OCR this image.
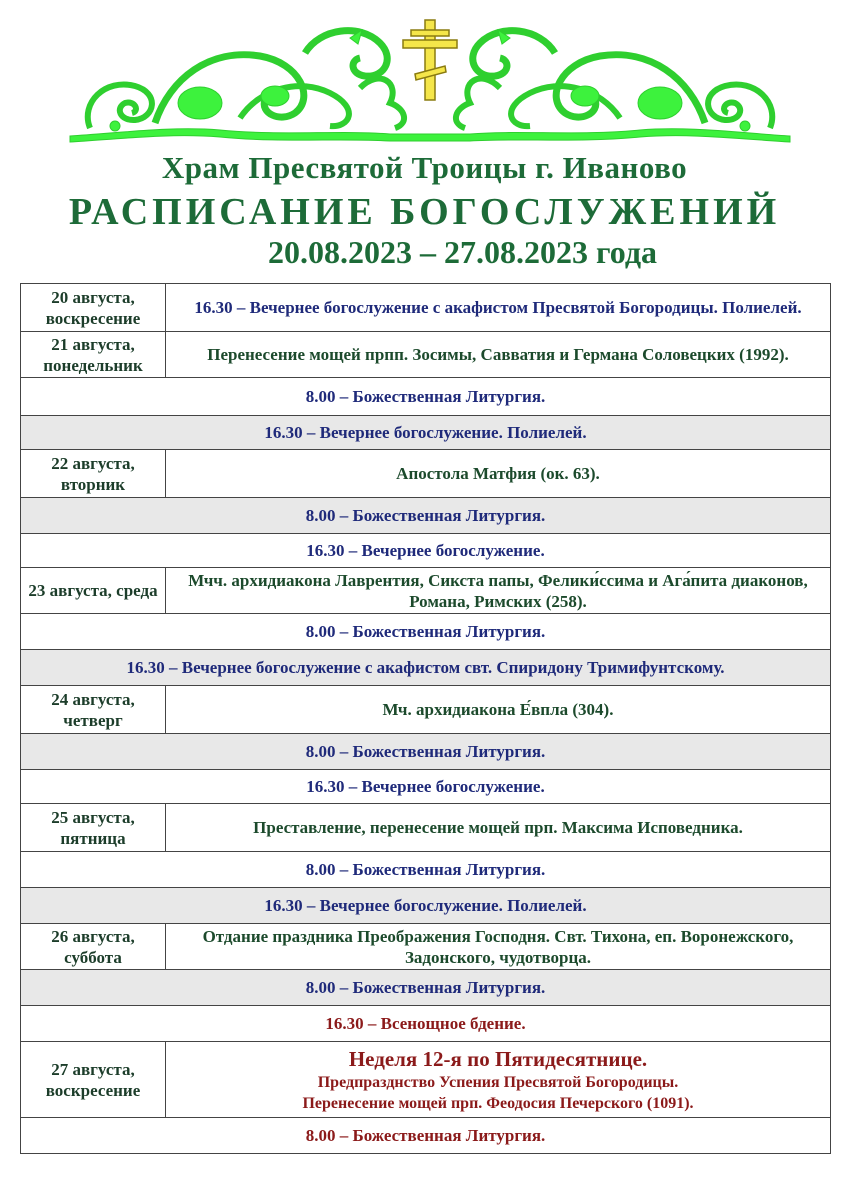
Храм Пресвятой Троицы г. Иваново
РАСПИСАНИЕ БОГОСЛУЖЕНИЙ
20.08.2023 – 27.08.2023 года
20 августа, воскресение	16.30 – Вечернее богослужение с акафистом Пресвятой Богородицы. Полиелей.
21 августа, понедельник	Перенесение мощей прпп. Зосимы, Савватия и Германа Соловецких (1992).
8.00 – Божественная Литургия.	
16.30 – Вечернее богослужение. Полиелей.	
22 августа, вторник	Апостола Матфия (ок. 63).
8.00 – Божественная Литургия.	
16.30 – Вечернее богослужение.	
23 августа, среда	Мчч. архидиакона Лаврентия, Сикста папы, Фелики́ссима и Ага́пита диаконов, Романа, Римских (258).
8.00 – Божественная Литургия.	
16.30 – Вечернее богослужение с акафистом свт. Спиридону Тримифунтскому.	
24 августа, четверг	Мч. архидиакона Е́впла (304).
8.00 – Божественная Литургия.	
16.30 – Вечернее богослужение.	
25 августа, пятница	Преставление, перенесение мощей прп. Максима Исповедника.
8.00 – Божественная Литургия.	
16.30 – Вечернее богослужение. Полиелей.	
26 августа, суббота	Отдание праздника Преображения Господня. Свт. Тихона, еп. Воронежского, Задонского, чудотворца.
8.00 – Божественная Литургия.	
16.30 – Всенощное бдение.	
27 августа, воскресение	Неделя 12-я по Пятидесятнице.
Предпразднство Успения Пресвятой Богородицы.
Перенесение мощей прп. Феодосия Печерского (1091).

8.00 – Божественная Литургия.	
